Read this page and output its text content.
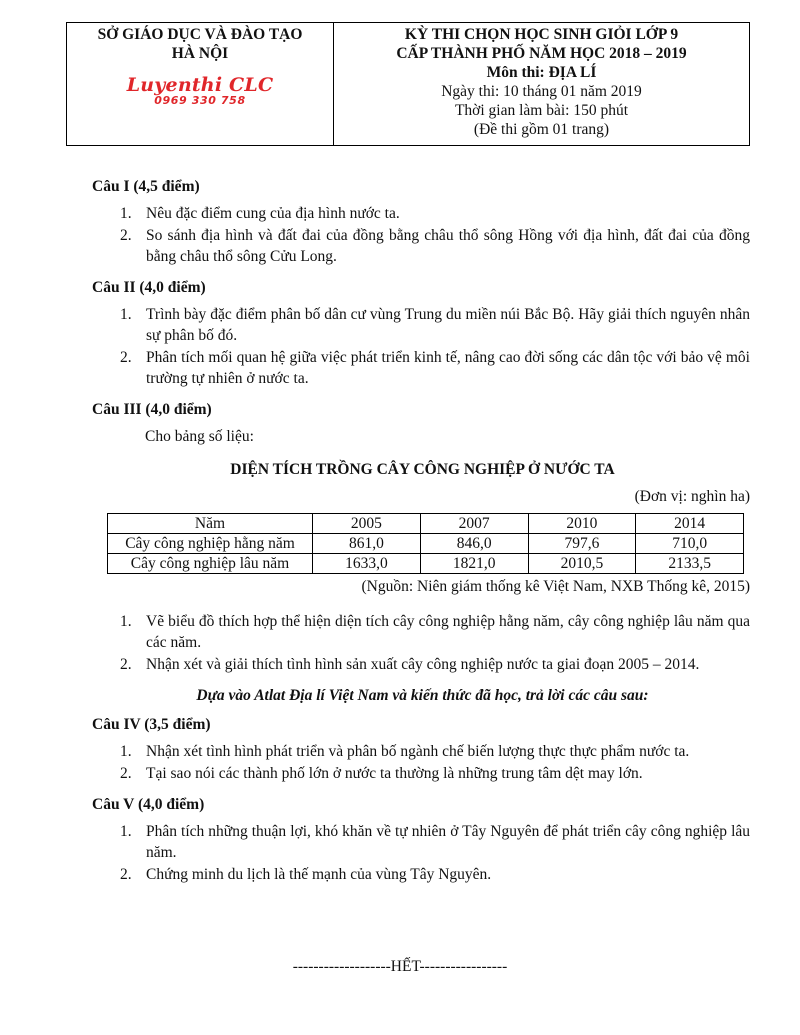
SỞ GIÁO DỤC VÀ ĐÀO TẠO
HÀ NỘI
Luyenthi CLC
0969 330 758
KỲ THI CHỌN HỌC SINH GIỎI LỚP 9
CẤP THÀNH PHỐ NĂM HỌC 2018 – 2019
Môn thi: ĐỊA LÍ
Ngày thi: 10 tháng 01 năm 2019
Thời gian làm bài: 150 phút
(Đề thi gồm 01 trang)
Câu I (4,5 điểm)
1. Nêu đặc điểm cung của địa hình nước ta.
2. So sánh địa hình và đất đai của đồng bằng châu thổ sông Hồng với địa hình, đất đai của đồng bằng châu thổ sông Cửu Long.
Câu II (4,0 điểm)
1. Trình bày đặc điểm phân bố dân cư vùng Trung du miền núi Bắc Bộ. Hãy giải thích nguyên nhân sự phân bố đó.
2. Phân tích mối quan hệ giữa việc phát triển kinh tế, nâng cao đời sống các dân tộc với bảo vệ môi trường tự nhiên ở nước ta.
Câu III (4,0 điểm)
Cho bảng số liệu:
DIỆN TÍCH TRỒNG CÂY CÔNG NGHIỆP Ở NƯỚC TA
(Đơn vị: nghìn ha)
Năm	2005	2007	2010	2014
Cây công nghiệp hằng năm	861,0	846,0	797,6	710,0
Cây công nghiệp lâu năm	1633,0	1821,0	2010,5	2133,5
(Nguồn: Niên giám thống kê Việt Nam, NXB Thống kê, 2015)
1. Vẽ biểu đồ thích hợp thể hiện diện tích cây công nghiệp hằng năm, cây công nghiệp lâu năm qua các năm.
2. Nhận xét và giải thích tình hình sản xuất cây công nghiệp nước ta giai đoạn 2005 – 2014.
Dựa vào Atlat Địa lí Việt Nam và kiến thức đã học, trả lời các câu sau:
Câu IV (3,5 điểm)
1. Nhận xét tình hình phát triển và phân bố ngành chế biến lượng thực thực phẩm nước ta.
2. Tại sao nói các thành phố lớn ở nước ta thường là những trung tâm dệt may lớn.
Câu V (4,0 điểm)
1. Phân tích những thuận lợi, khó khăn về tự nhiên ở Tây Nguyên để phát triển cây công nghiệp lâu năm.
2. Chứng minh du lịch là thế mạnh của vùng Tây Nguyên.
-------------------HẾT-----------------
